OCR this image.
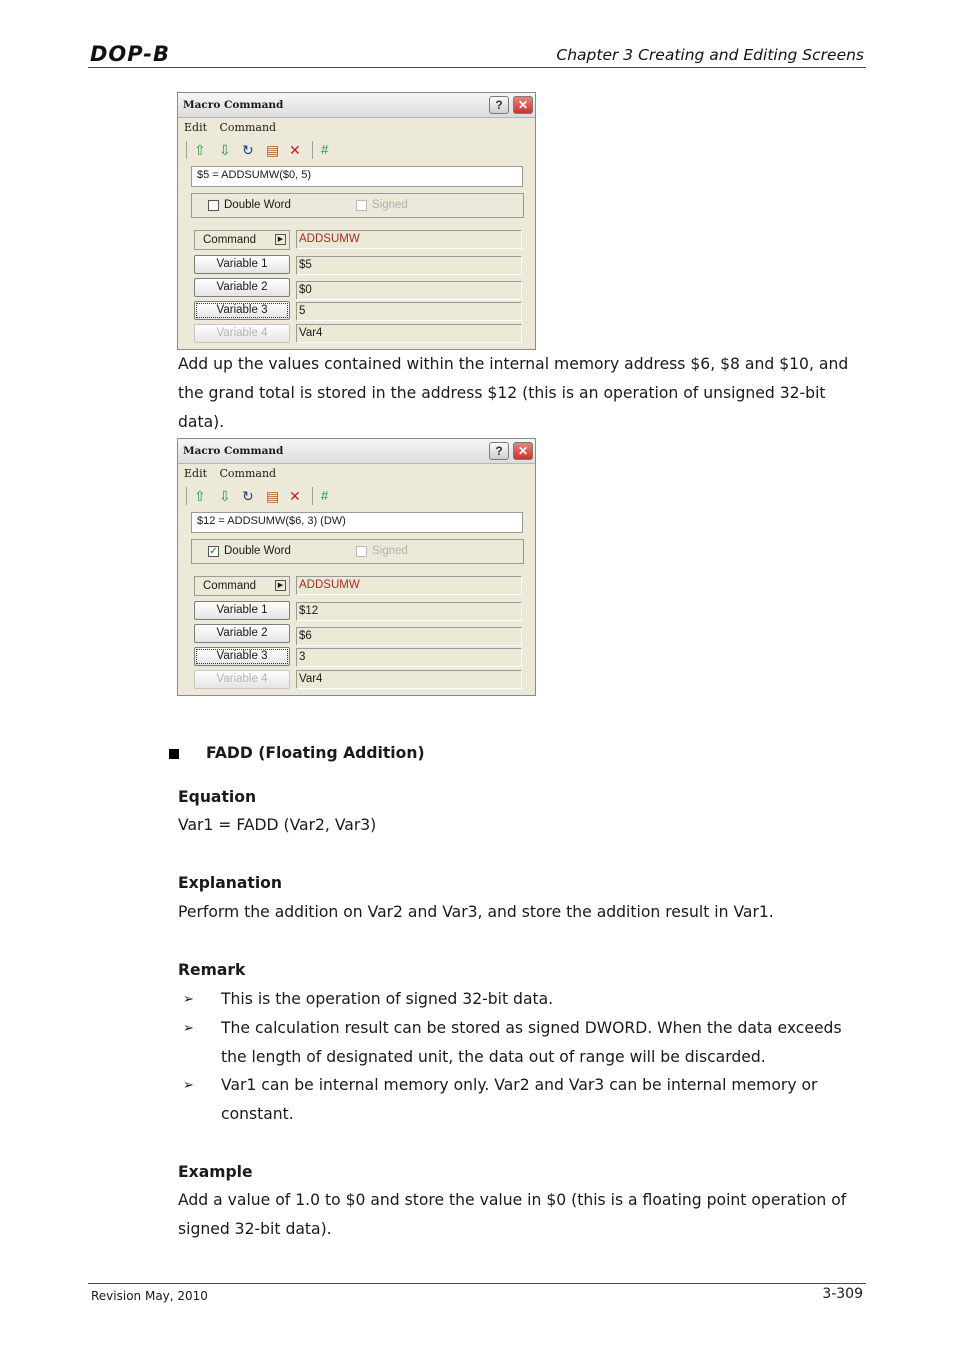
DOP-B	Chapter 3 Creating and Editing Screens
Macro Command	?	✕
Edit Command
⇧ ⇩ ↻ ▤ ✕ #
$5 = ADDSUMW($0, 5)
Double Word	Signed
Command	▶ ADDSUMW
Variable 1	$5
Variable 2	$0
Variable 3	5
Variable 4	Var4

Add up the values contained within the internal memory address $6, $8 and $10, and the grand total is stored in the address $12 (this is an operation of unsigned 32-bit data).

Macro Command	?	✕
Edit Command
⇧ ⇩ ↻ ▤ ✕ #
$12 = ADDSUMW($6, 3) (DW)
✓ Double Word	Signed
Command	▶ ADDSUMW
Variable 1	$12
Variable 2	$6
Variable 3	3
Variable 4	Var4
FADD (Floating Addition)
Equation
Var1 = FADD (Var2, Var3)
Explanation
Perform the addition on Var2 and Var3, and store the addition result in Var1.
Remark
➢ This is the operation of signed 32-bit data.
➢ The calculation result can be stored as signed DWORD. When the data exceeds the length of designated unit, the data out of range will be discarded.
➢ Var1 can be internal memory only. Var2 and Var3 can be internal memory or constant.
Example
Add a value of 1.0 to $0 and store the value in $0 (this is a floating point operation of signed 32-bit data).
Revision May, 2010	3-309
